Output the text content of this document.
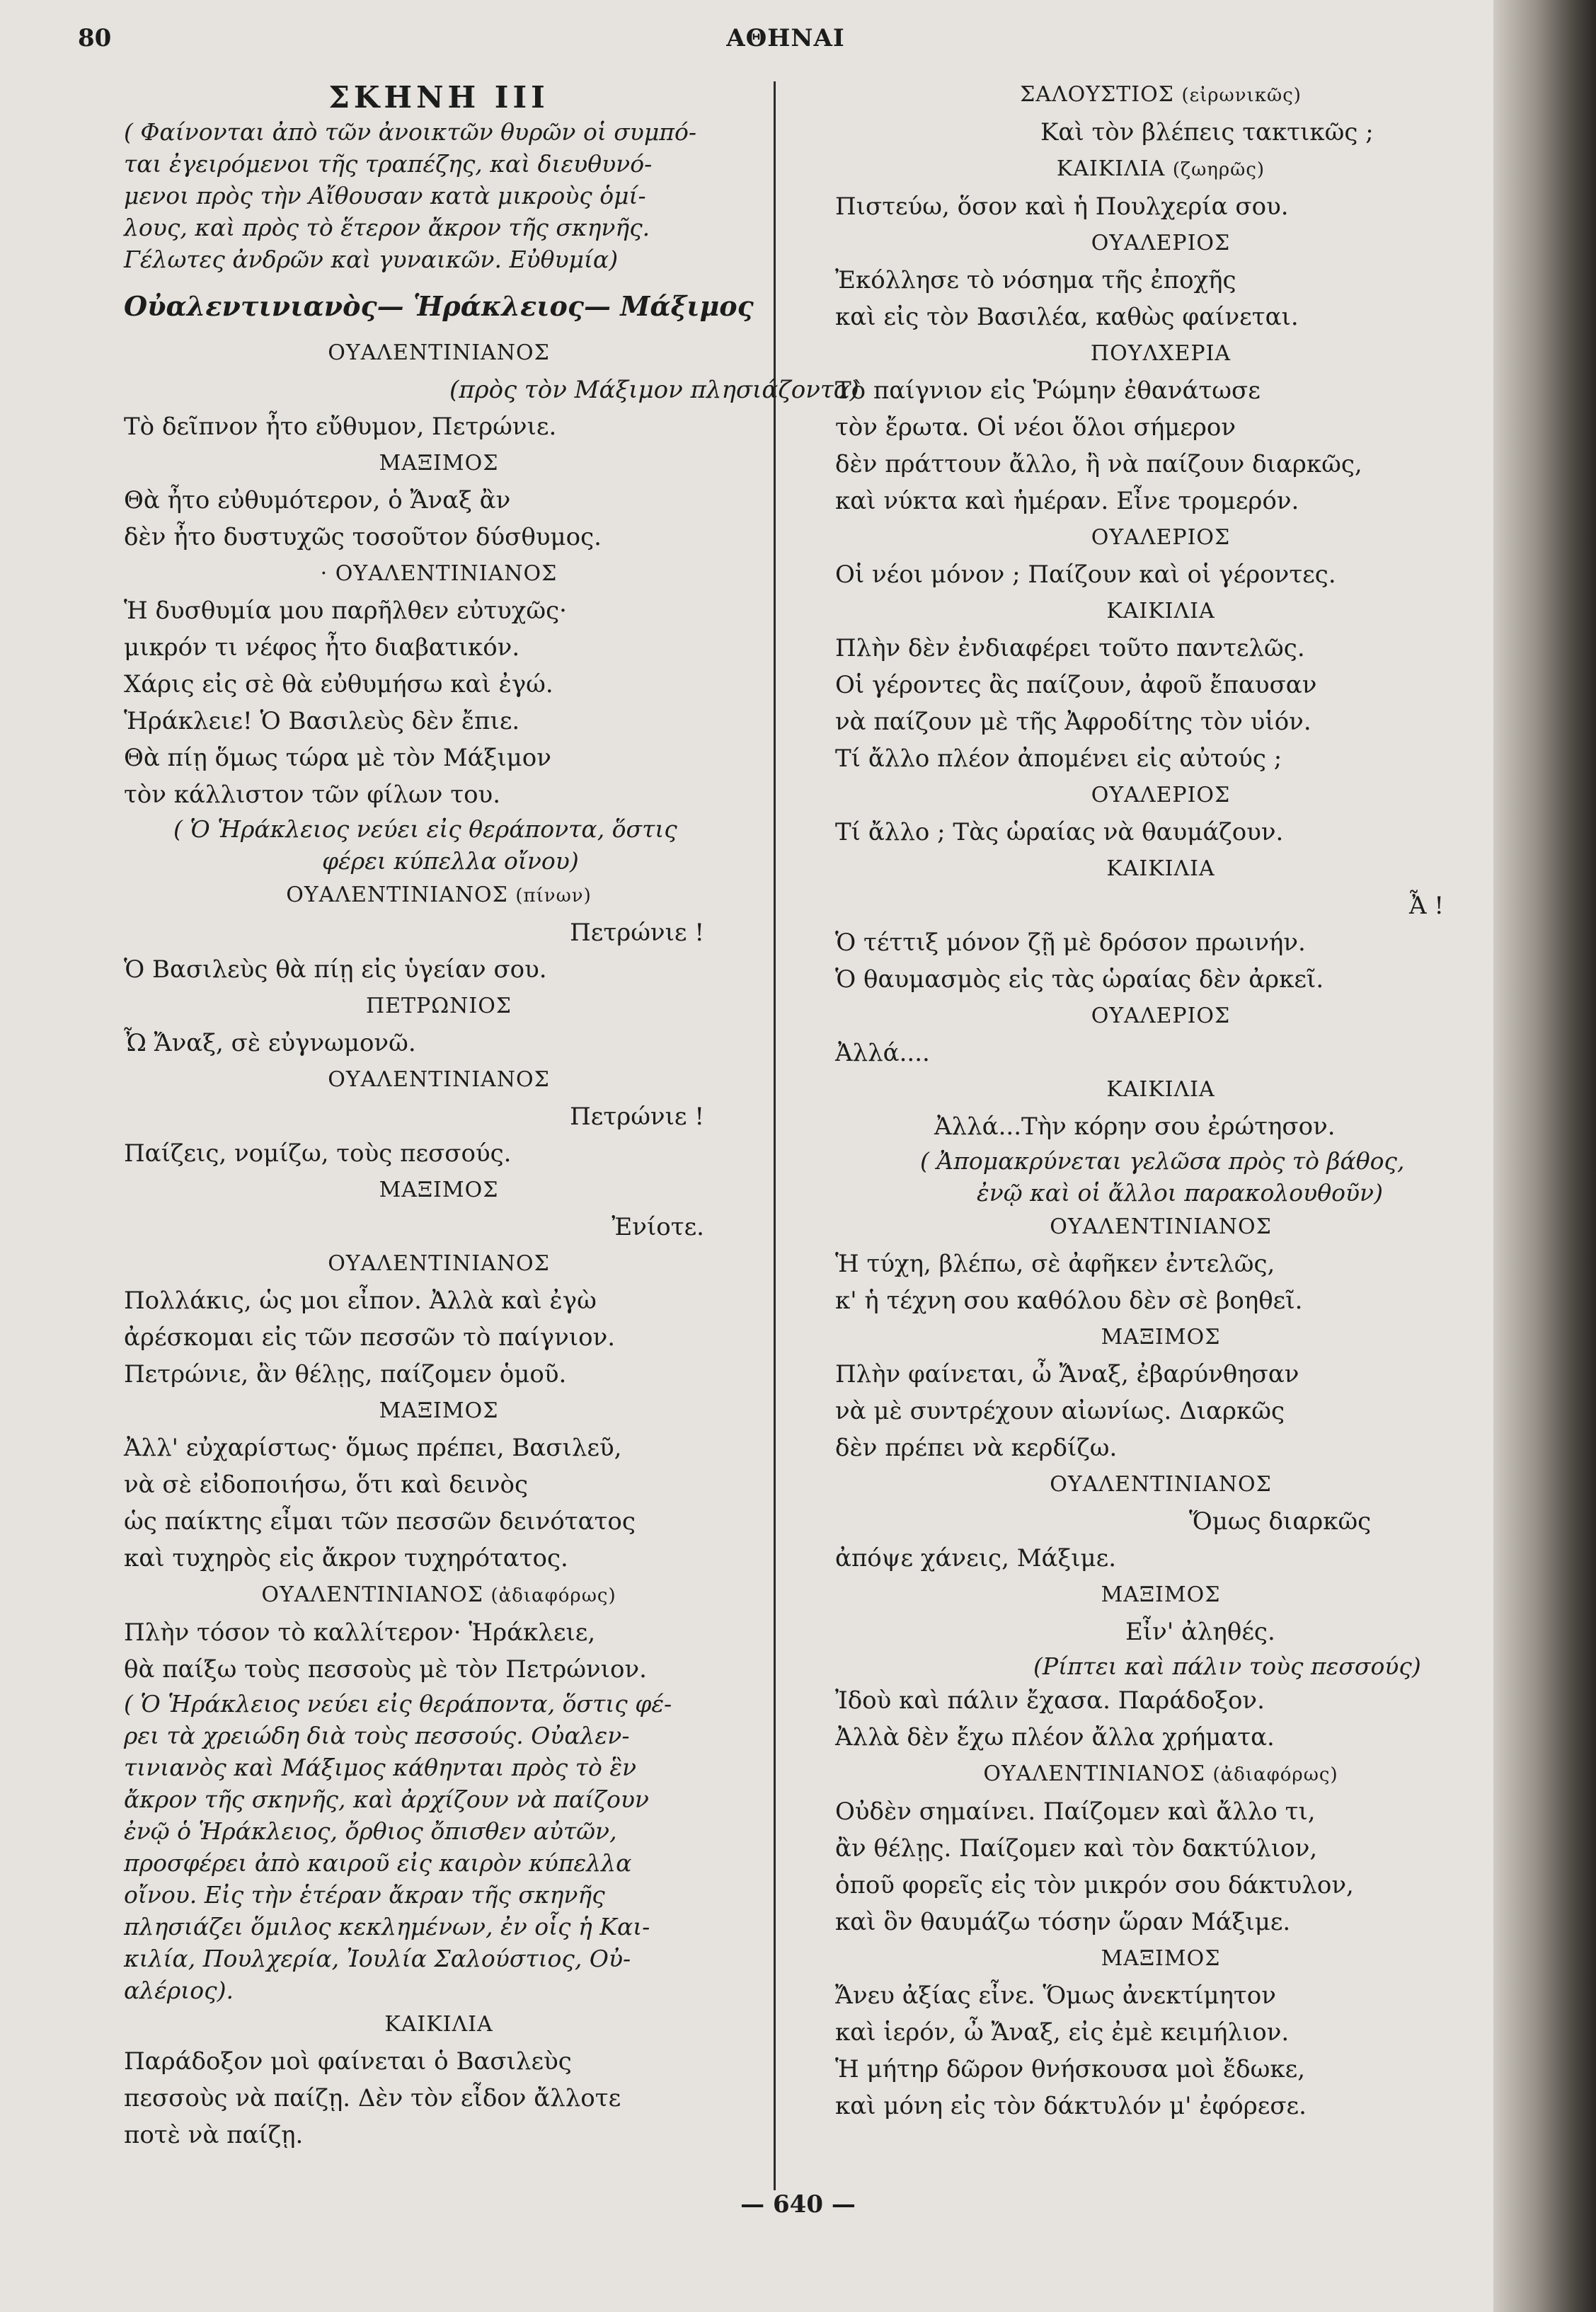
80	ΑΘΗΝΑΙ
ΣΚΗΝΗ ΙΙΙ
( Φαίνονται ἀπὸ τῶν ἀνοικτῶν θυρῶν οἱ συμπό-
ται ἐγειρόμενοι τῆς τραπέζης, καὶ διευθυνό-
μενοι πρὸς τὴν Αἴθουσαν κατὰ μικροὺς ὁμί-
λους, καὶ πρὸς τὸ ἕτερον ἄκρον τῆς σκηνῆς.
Γέλωτες ἀνδρῶν καὶ γυναικῶν. Εὐθυμία)
Οὐαλεντινιανὸς— Ἡράκλειος— Μάξιμος
ΟΥΑΛΕΝΤΙΝΙΑΝΟΣ
(πρὸς τὸν Μάξιμον πλησιάζοντα)
Τὸ δεῖπνον ἦτο εὔθυμον, Πετρώνιε.
ΜΑΞΙΜΟΣ
Θὰ ἦτο εὐθυμότερον, ὁ Ἄναξ ἂν
δὲν ἦτο δυστυχῶς τοσοῦτον δύσθυμος.
· ΟΥΑΛΕΝΤΙΝΙΑΝΟΣ
Ἡ δυσθυμία μου παρῆλθεν εὐτυχῶς·
μικρόν τι νέφος ἦτο διαβατικόν.
Χάρις εἰς σὲ θὰ εὐθυμήσω καὶ ἐγώ.
Ἡράκλειε! Ὁ Βασιλεὺς δὲν ἔπιε.
Θὰ πίῃ ὅμως τώρα μὲ τὸν Μάξιμον
τὸν κάλλιστον τῶν φίλων του.
( Ὁ Ἡράκλειος νεύει εἰς θεράποντα, ὅστις
φέρει κύπελλα οἴνου)
ΟΥΑΛΕΝΤΙΝΙΑΝΟΣ (πίνων)
Πετρώνιε !
Ὁ Βασιλεὺς θὰ πίῃ εἰς ὑγείαν σου.
ΠΕΤΡΩΝΙΟΣ
Ὦ Ἄναξ, σὲ εὐγνωμονῶ.
ΟΥΑΛΕΝΤΙΝΙΑΝΟΣ
Πετρώνιε !
Παίζεις, νομίζω, τοὺς πεσσούς.
ΜΑΞΙΜΟΣ
Ἐνίοτε.
ΟΥΑΛΕΝΤΙΝΙΑΝΟΣ
Πολλάκις, ὡς μοι εἶπον. Ἀλλὰ καὶ ἐγὼ
ἀρέσκομαι εἰς τῶν πεσσῶν τὸ παίγνιον.
Πετρώνιε, ἂν θέλῃς, παίζομεν ὁμοῦ.
ΜΑΞΙΜΟΣ
Ἀλλ' εὐχαρίστως· ὅμως πρέπει, Βασιλεῦ,
νὰ σὲ εἰδοποιήσω, ὅτι καὶ δεινὸς
ὡς παίκτης εἶμαι τῶν πεσσῶν δεινότατος
καὶ τυχηρὸς εἰς ἄκρον τυχηρότατος.
ΟΥΑΛΕΝΤΙΝΙΑΝΟΣ (ἀδιαφόρως)
Πλὴν τόσον τὸ καλλίτερον· Ἡράκλειε,
θὰ παίξω τοὺς πεσσοὺς μὲ τὸν Πετρώνιον.
( Ὁ Ἡράκλειος νεύει εἰς θεράποντα, ὅστις φέ-
ρει τὰ χρειώδη διὰ τοὺς πεσσούς. Οὐαλεν-
τινιανὸς καὶ Μάξιμος κάθηνται πρὸς τὸ ἓν
ἄκρον τῆς σκηνῆς, καὶ ἀρχίζουν νὰ παίζουν
ἐνῷ ὁ Ἡράκλειος, ὄρθιος ὄπισθεν αὐτῶν,
προσφέρει ἀπὸ καιροῦ εἰς καιρὸν κύπελλα
οἴνου. Εἰς τὴν ἑτέραν ἄκραν τῆς σκηνῆς
πλησιάζει ὅμιλος κεκλημένων, ἐν οἷς ἡ Και-
κιλία, Πουλχερία, Ἰουλία Σαλούστιος, Οὐ-
αλέριος).
ΚΑΙΚΙΛΙΑ
Παράδοξον μοὶ φαίνεται ὁ Βασιλεὺς
πεσσοὺς νὰ παίζῃ. Δὲν τὸν εἶδον ἄλλοτε
ποτὲ νὰ παίζῃ.
ΣΑΛΟΥΣΤΙΟΣ (εἰρωνικῶς)
Καὶ τὸν βλέπεις τακτικῶς ;
ΚΑΙΚΙΛΙΑ (ζωηρῶς)
Πιστεύω, ὅσον καὶ ἡ Πουλχερία σου.
ΟΥΑΛΕΡΙΟΣ
Ἐκόλλησε τὸ νόσημα τῆς ἐποχῆς
καὶ εἰς τὸν Βασιλέα, καθὼς φαίνεται.
ΠΟΥΛΧΕΡΙΑ
Τὸ παίγνιον εἰς Ῥώμην ἐθανάτωσε
τὸν ἔρωτα. Οἱ νέοι ὅλοι σήμερον
δὲν πράττουν ἄλλο, ἢ νὰ παίζουν διαρκῶς,
καὶ νύκτα καὶ ἡμέραν. Εἶνε τρομερόν.
ΟΥΑΛΕΡΙΟΣ
Οἱ νέοι μόνον ; Παίζουν καὶ οἱ γέροντες.
ΚΑΙΚΙΛΙΑ
Πλὴν δὲν ἐνδιαφέρει τοῦτο παντελῶς.
Οἱ γέροντες ἂς παίζουν, ἀφοῦ ἔπαυσαν
νὰ παίζουν μὲ τῆς Ἀφροδίτης τὸν υἱόν.
Τί ἄλλο πλέον ἀπομένει εἰς αὐτούς ;
ΟΥΑΛΕΡΙΟΣ
Τί ἄλλο ; Τὰς ὡραίας νὰ θαυμάζουν.
ΚΑΙΚΙΛΙΑ
Ἆ !
Ὁ τέττιξ μόνον ζῇ μὲ δρόσον πρωινήν.
Ὁ θαυμασμὸς εἰς τὰς ὡραίας δὲν ἀρκεῖ.
ΟΥΑΛΕΡΙΟΣ
Ἀλλά....
ΚΑΙΚΙΛΙΑ
Ἀλλά...Τὴν κόρην σου ἐρώτησον.
( Ἀπομακρύνεται γελῶσα πρὸς τὸ βάθος,
ἐνῷ καὶ οἱ ἄλλοι παρακολουθοῦν)
ΟΥΑΛΕΝΤΙΝΙΑΝΟΣ
Ἡ τύχη, βλέπω, σὲ ἀφῆκεν ἐντελῶς,
κ' ἡ τέχνη σου καθόλου δὲν σὲ βοηθεῖ.
ΜΑΞΙΜΟΣ
Πλὴν φαίνεται, ὦ Ἄναξ, ἐβαρύνθησαν
νὰ μὲ συντρέχουν αἰωνίως. Διαρκῶς
δὲν πρέπει νὰ κερδίζω.
ΟΥΑΛΕΝΤΙΝΙΑΝΟΣ
Ὅμως διαρκῶς
ἀπόψε χάνεις, Μάξιμε.
ΜΑΞΙΜΟΣ
Εἶν' ἀληθές.
(Ρίπτει καὶ πάλιν τοὺς πεσσούς)
Ἰδοὺ καὶ πάλιν ἔχασα. Παράδοξον.
Ἀλλὰ δὲν ἔχω πλέον ἄλλα χρήματα.
ΟΥΑΛΕΝΤΙΝΙΑΝΟΣ (ἀδιαφόρως)
Οὐδὲν σημαίνει. Παίζομεν καὶ ἄλλο τι,
ἂν θέλῃς. Παίζομεν καὶ τὸν δακτύλιον,
ὁποῦ φορεῖς εἰς τὸν μικρόν σου δάκτυλον,
καὶ ὃν θαυμάζω τόσην ὥραν Μάξιμε.
ΜΑΞΙΜΟΣ
Ἄνευ ἀξίας εἶνε. Ὅμως ἀνεκτίμητον
καὶ ἱερόν, ὦ Ἄναξ, εἰς ἐμὲ κειμήλιον.
Ἡ μήτηρ δῶρον θνήσκουσα μοὶ ἔδωκε,
καὶ μόνη εἰς τὸν δάκτυλόν μ' ἐφόρεσε.
— 640 —
